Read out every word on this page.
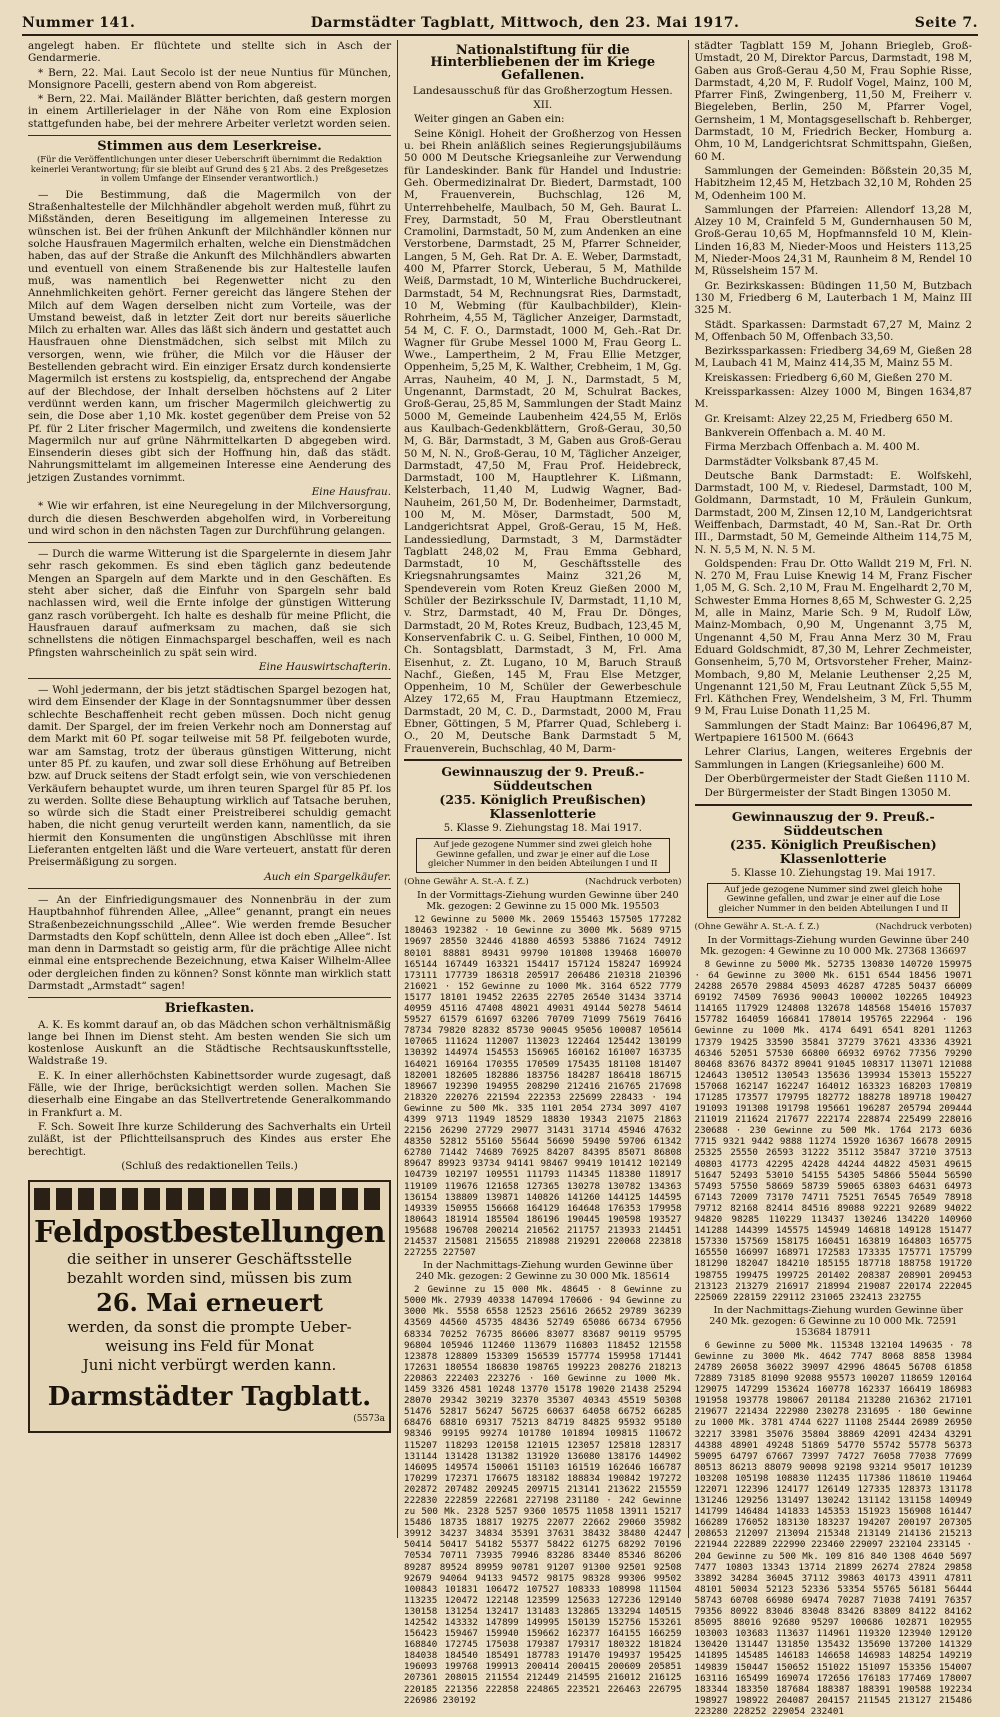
Nummer 141.	Darmstädter Tagblatt, Mittwoch, den 23. Mai 1917.	Seite 7.

angelegt haben. Er flüchtete und stellte sich in Asch der Gendarmerie.

* Bern, 22. Mai. Laut Secolo ist der neue Nuntius für München, Monsignore Pacelli, gestern abend von Rom abgereist.

* Bern, 22. Mai. Mailänder Blätter berichten, daß gestern morgen in einem Artillerielager in der Nähe von Rom eine Explosion stattgefunden habe, bei der mehrere Arbeiter verletzt worden seien.

Stimmen aus dem Leserkreise.
(Für die Veröffentlichungen unter dieser Ueberschrift übernimmt die Redaktion keinerlei Verantwortung; für sie bleibt auf Grund des § 21 Abs. 2 des Preßgesetzes in vollem Umfange der Einsender verantwortlich.)

— Die Bestimmung, daß die Magermilch von der Straßenhaltestelle der Milchhändler abgeholt werden muß, führt zu Mißständen, deren Beseitigung im allgemeinen Interesse zu wünschen ist. Bei der frühen Ankunft der Milchhändler können nur solche Hausfrauen Magermilch erhalten, welche ein Dienstmädchen haben, das auf der Straße die Ankunft des Milchhändlers abwarten und eventuell von einem Straßenende bis zur Haltestelle laufen muß, was namentlich bei Regenwetter nicht zu den Annehmlichkeiten gehört. Ferner gereicht das längere Stehen der Milch auf dem Wagen derselben nicht zum Vorteile, was der Umstand beweist, daß in letzter Zeit dort nur bereits säuerliche Milch zu erhalten war. Alles das läßt sich ändern und gestattet auch Hausfrauen ohne Dienstmädchen, sich selbst mit Milch zu versorgen, wenn, wie früher, die Milch vor die Häuser der Bestellenden gebracht wird. Ein einziger Ersatz durch kondensierte Magermilch ist erstens zu kostspielig, da, entsprechend der Angabe auf der Blechdose, der Inhalt derselben höchstens auf 2 Liter verdünnt werden kann, um frischer Magermilch gleichwertig zu sein, die Dose aber 1,10 Mk. kostet gegenüber dem Preise von 52 Pf. für 2 Liter frischer Magermilch, und zweitens die kondensierte Magermilch nur auf grüne Nährmittelkarten D abgegeben wird. Einsenderin dieses gibt sich der Hoffnung hin, daß das städt. Nahrungsmittelamt im allgemeinen Interesse eine Aenderung des jetzigen Zustandes vornimmt.

Eine Hausfrau.

* Wie wir erfahren, ist eine Neuregelung in der Milchversorgung, durch die diesen Beschwerden abgeholfen wird, in Vorbereitung und wird schon in den nächsten Tagen zur Durchführung gelangen.

— Durch die warme Witterung ist die Spargelernte in diesem Jahr sehr rasch gekommen. Es sind eben täglich ganz bedeutende Mengen an Spargeln auf dem Markte und in den Geschäften. Es steht aber sicher, daß die Einfuhr von Spargeln sehr bald nachlassen wird, weil die Ernte infolge der günstigen Witterung ganz rasch vorübergeht. Ich halte es deshalb für meine Pflicht, die Hausfrauen darauf aufmerksam zu machen, daß sie sich schnellstens die nötigen Einmachspargel beschaffen, weil es nach Pfingsten wahrscheinlich zu spät sein wird.

Eine Hauswirtschafterin.

— Wohl jedermann, der bis jetzt städtischen Spargel bezogen hat, wird dem Einsender der Klage in der Sonntagsnummer über dessen schlechte Beschaffenheit recht geben müssen. Doch nicht genug damit. Der Spargel, der im freien Verkehr noch am Donnerstag auf dem Markt mit 60 Pf. sogar teilweise mit 58 Pf. feilgeboten wurde, war am Samstag, trotz der überaus günstigen Witterung, nicht unter 85 Pf. zu kaufen, und zwar soll diese Erhöhung auf Betreiben bzw. auf Druck seitens der Stadt erfolgt sein, wie von verschiedenen Verkäufern behauptet wurde, um ihren teuren Spargel für 85 Pf. los zu werden. Sollte diese Behauptung wirklich auf Tatsache beruhen, so würde sich die Stadt einer Preistreiberei schuldig gemacht haben, die nicht genug verurteilt werden kann, namentlich, da sie hiermit den Konsumenten die ungünstigen Abschlüsse mit ihren Lieferanten entgelten läßt und die Ware verteuert, anstatt für deren Preisermäßigung zu sorgen.

Auch ein Spargelkäufer.

— An der Einfriedigungsmauer des Nonnenbräu in der zum Hauptbahnhof führenden Allee, „Allee“ genannt, prangt ein neues Straßenbezeichnungsschild „Allee“. Wie werden fremde Besucher Darmstadts den Kopf schütteln, denn Allee ist doch eben „Allee“. Ist man denn in Darmstadt so geistig arm, für die prächtige Allee nicht einmal eine entsprechende Bezeichnung, etwa Kaiser Wilhelm-Allee oder dergleichen finden zu können? Sonst könnte man wirklich statt Darmstadt „Armstadt“ sagen!

Briefkasten.

A. K. Es kommt darauf an, ob das Mädchen schon verhältnismäßig lange bei Ihnen im Dienst steht. Am besten wenden Sie sich um kostenlose Auskunft an die Städtische Rechtsauskunftsstelle, Waldstraße 19.

E. K. In einer allerhöchsten Kabinettsorder wurde zugesagt, daß Fälle, wie der Ihrige, berücksichtigt werden sollen. Machen Sie dieserhalb eine Eingabe an das Stellvertretende Generalkommando in Frankfurt a. M.

F. Sch. Soweit Ihre kurze Schilderung des Sachverhalts ein Urteil zuläßt, ist der Pflichtteilsanspruch des Kindes aus erster Ehe berechtigt.

(Schluß des redaktionellen Teils.)

Feldpostbestellungen
die seither in unserer Geschäftsstelle
bezahlt worden sind, müssen bis zum
26. Mai erneuert
werden, da sonst die prompte Ueber-
weisung ins Feld für Monat
Juni nicht verbürgt werden kann.
Darmstädter Tagblatt.
(5573a
Nationalstiftung für die Hinterbliebenen der im Kriege Gefallenen.

Landesausschuß für das Großherzogtum Hessen.

XII.

Weiter gingen an Gaben ein:

Seine Königl. Hoheit der Großherzog von Hessen u. bei Rhein anläßlich seines Regierungsjubiläums 50 000 M Deutsche Kriegsanleihe zur Verwendung für Landeskinder. Bank für Handel und Industrie: Geh. Obermedizinalrat Dr. Biedert, Darmstadt, 100 M, Frauenverein, Buchschlag, 126 M, Unterrehbehelfe, Maulbach, 50 M, Geh. Baurat L. Frey, Darmstadt, 50 M, Frau Oberstleutnant Cramolini, Darmstadt, 50 M, zum Andenken an eine Verstorbene, Darmstadt, 25 M, Pfarrer Schneider, Langen, 5 M, Geh. Rat Dr. A. E. Weber, Darmstadt, 400 M, Pfarrer Storck, Ueberau, 5 M, Mathilde Weiß, Darmstadt, 10 M, Winterliche Buchdruckerei, Darmstadt, 54 M, Rechnungsrat Ries, Darmstadt, 10 M, Webming (für Kaulbachbilder), Klein-Rohrheim, 4,55 M, Täglicher Anzeiger, Darmstadt, 54 M, C. F. O., Darmstadt, 1000 M, Geh.-Rat Dr. Wagner für Grube Messel 1000 M, Frau Georg L. Wwe., Lampertheim, 2 M, Frau Ellie Metzger, Oppenheim, 5,25 M, K. Walther, Crebheim, 1 M, Gg. Arras, Nauheim, 40 M, J. N., Darmstadt, 5 M, Ungenannt, Darmstadt, 20 M, Schulrat Backes, Groß-Gerau, 25,85 M, Sammlungen der Stadt Mainz 5000 M, Gemeinde Laubenheim 424,55 M, Erlös aus Kaulbach-Gedenkblättern, Groß-Gerau, 30,50 M, G. Bär, Darmstadt, 3 M, Gaben aus Groß-Gerau 50 M, N. N., Groß-Gerau, 10 M, Täglicher Anzeiger, Darmstadt, 47,50 M, Frau Prof. Heidebreck, Darmstadt, 100 M, Hauptlehrer K. Lißmann, Kelsterbach, 11,40 M, Ludwig Wagner, Bad-Nauheim, 261,50 M, Dr. Bodenheimer, Darmstadt, 100 M, M. Möser, Darmstadt, 500 M, Landgerichtsrat Appel, Groß-Gerau, 15 M, Heß. Landessiedlung, Darmstadt, 3 M, Darmstädter Tagblatt 248,02 M, Frau Emma Gebhard, Darmstadt, 10 M, Geschäftsstelle des Kriegsnahrungsamtes Mainz 321,26 M, Spendeverein vom Roten Kreuz Gießen 2000 M, Schüler der Bezirksschule IV, Darmstadt, 11,10 M, v. Strz, Darmstadt, 40 M, Frau Dr. Dönges, Darmstadt, 20 M, Rotes Kreuz, Budbach, 123,45 M, Konservenfabrik C. u. G. Seibel, Finthen, 10 000 M, Ch. Sontagsblatt, Darmstadt, 3 M, Frl. Ama Eisenhut, z. Zt. Lugano, 10 M, Baruch Strauß Nachf., Gießen, 145 M, Frau Else Metzger, Oppenheim, 10 M, Schüler der Gewerbeschule Alzey 172,65 M, Frau Hauptmann Etzemiecz, Darmstadt, 20 M, C. D., Darmstadt, 2000 M, Frau Ebner, Göttingen, 5 M, Pfarrer Quad, Schleberg i. O., 20 M, Deutsche Bank Darmstadt 5 M, Frauenverein, Buchschlag, 40 M, Darm-

Gewinnauszug der 9. Preuß.-Süddeutschen
(235. Königlich Preußischen) Klassenlotterie
5. Klasse 9. Ziehungstag 18. Mai 1917.
Auf jede gezogene Nummer sind zwei gleich hohe Gewinne gefallen, und zwar je einer auf die Lose gleicher Nummer in den beiden Abteilungen I und II
(Ohne Gewähr A. St.-A. f. Z.)	(Nachdruck verboten)

In der Vormittags-Ziehung wurden Gewinne über 240 Mk. gezogen: 2 Gewinne zu 15 000 Mk. 195503

12 Gewinne zu 5000 Mk. 2069 155463 157505 177282 180463 192382 · 10 Gewinne zu 3000 Mk. 5689 9715 19697 28550 32446 41880 46593 53886 71624 74912 80101 88881 89431 99790 101808 139468 160070 165144 167449 163321 154417 157124 158247 169924 173111 177739 186318 205917 206486 210318 210396 216021 · 152 Gewinne zu 1000 Mk. 3164 6522 7779 15177 18101 19452 22635 22705 26540 31434 33714 40959 45116 47408 48021 49031 49144 50278 54614 59527 61579 61697 63206 70709 71099 75619 76416 78734 79820 82832 85730 90045 95056 100087 105614 107065 111624 112007 113023 122464 125442 130199 130392 144974 154553 156965 160162 161007 163735 164021 169164 170355 170509 175435 181108 181407 182001 182605 182886 183756 184287 186418 186715 189667 192390 194955 208290 212416 216765 217698 218320 220276 221594 222353 225699 228433 · 194 Gewinne zu 500 Mk. 335 1101 2054 2734 3097 4107 4399 9713 11949 18529 18830 19343 21075 21863 22156 26290 27729 29077 31431 31714 45946 47632 48350 52812 55160 55644 56690 59490 59706 61342 62780 71442 74689 76925 84207 84395 85071 86808 89647 89923 93734 94141 98467 99419 101412 102149 104739 102197 109551 111793 114345 118380 118917 119109 119676 121658 127365 130278 130782 134363 136154 138809 139871 140826 141260 144125 144595 149339 150955 156668 164129 164648 176353 179958 180643 181914 185504 186196 190445 190598 193527 195688 196708 200214 210562 211757 213933 214451 214537 215081 215655 218988 219291 220068 223818 227255 227507

In der Nachmittags-Ziehung wurden Gewinne über 240 Mk. gezogen: 2 Gewinne zu 30 000 Mk. 185614

2 Gewinne zu 15 000 Mk. 48645 · 8 Gewinne zu 5000 Mk. 27939 40338 147094 170606 · 94 Gewinne zu 3000 Mk. 5558 6558 12523 25616 26652 29789 36239 43569 44560 45735 48436 52749 65086 66734 67956 68334 70252 76735 86606 83077 83687 90119 95795 96804 105946 112460 113679 116803 118452 121558 123878 128809 153309 156539 157774 159958 171441 172631 180554 186830 198765 199223 208276 218213 220863 222403 223276 · 160 Gewinne zu 1000 Mk. 1459 3326 4581 10248 13770 15178 19020 21438 25294 28070 29342 30219 32370 35307 40343 45519 50308 51476 52817 56247 56725 60637 64058 66752 66285 68476 68810 69317 75213 84719 84825 95932 95180 98346 99195 99274 101780 101894 109815 110672 115207 118293 120158 121015 123057 125818 128317 131144 131428 131382 131920 136080 138176 144902 146095 149574 150061 151103 161519 162646 166787 170299 172371 176675 183182 188834 190842 197272 202872 207482 209245 209715 213141 213622 215559 222830 222859 222681 227198 231180 · 242 Gewinne zu 500 Mk. 2328 5257 9360 10575 11058 13911 15217 15486 18735 18817 19275 22077 22662 29060 35982 39912 34237 34834 35391 37631 38432 38480 42447 50414 50417 54182 55377 58422 61275 68292 70196 70534 70711 73935 79946 83286 83440 85346 86206 89287 89524 89959 90781 91207 91300 92501 92508 92679 94064 94133 94572 98175 98328 99306 99502 100843 101831 106472 107527 108333 108998 111504 113235 120472 122148 123599 125633 127236 129140 130158 131254 132417 131483 132865 133294 140515 142542 143332 147899 149995 150139 152756 153261 156423 159467 159940 159662 162377 164155 166259 168840 172745 175038 179387 179317 180322 181824 184038 184540 185491 187783 191470 194937 195425 196093 199768 199913 200414 200415 200609 205851 207361 208015 211554 212449 214595 216012 216125 220185 221356 222858 224865 223521 226463 226795 226986 230192

städter Tagblatt 159 M, Johann Briegleb, Groß-Umstadt, 20 M, Direktor Parcus, Darmstadt, 198 M, Gaben aus Groß-Gerau 4,50 M, Frau Sophie Risse, Darmstadt, 4,20 M, F. Rudolf Vogel, Mainz, 100 M, Pfarrer Finß, Zwingenberg, 11,50 M, Freiherr v. Biegeleben, Berlin, 250 M, Pfarrer Vogel, Gernsheim, 1 M, Montagsgesellschaft b. Rehberger, Darmstadt, 10 M, Friedrich Becker, Homburg a. Ohm, 10 M, Landgerichtsrat Schmittspahn, Gießen, 60 M.

Sammlungen der Gemeinden: Bößstein 20,35 M, Habitzheim 12,45 M, Hetzbach 32,10 M, Rohden 25 M, Odenheim 100 M.

Sammlungen der Pfarreien: Allendorf 13,28 M, Alzey 10 M, Crainfeld 5 M, Gundernhausen 50 M, Groß-Gerau 10,65 M, Hopfmannsfeld 10 M, Klein-Linden 16,83 M, Nieder-Moos und Heisters 113,25 M, Nieder-Moos 24,31 M, Raunheim 8 M, Rendel 10 M, Rüsselsheim 157 M.

Gr. Bezirkskassen: Büdingen 11,50 M, Butzbach 130 M, Friedberg 6 M, Lauterbach 1 M, Mainz III 325 M.

Städt. Sparkassen: Darmstadt 67,27 M, Mainz 2 M, Offenbach 50 M, Offenbach 33,50.

Bezirkssparkassen: Friedberg 34,69 M, Gießen 28 M, Laubach 41 M, Mainz 414,35 M, Mainz 55 M.

Kreiskassen: Friedberg 6,60 M, Gießen 270 M.

Kreissparkassen: Alzey 1000 M, Bingen 1634,87 M.

Gr. Kreisamt: Alzey 22,25 M, Friedberg 650 M.

Bankverein Offenbach a. M. 40 M.

Firma Merzbach Offenbach a. M. 400 M.

Darmstädter Volksbank 87,45 M.

Deutsche Bank Darmstadt: E. Wolfskehl, Darmstadt, 100 M, v. Riedesel, Darmstadt, 100 M, Goldmann, Darmstadt, 10 M, Fräulein Gunkum, Darmstadt, 200 M, Zinsen 12,10 M, Landgerichtsrat Weiffenbach, Darmstadt, 40 M, San.-Rat Dr. Orth III., Darmstadt, 50 M, Gemeinde Altheim 114,75 M, N. N. 5,5 M, N. N. 5 M.

Goldspenden: Frau Dr. Otto Walldt 219 M, Frl. N. N. 270 M, Frau Luise Knewig 14 M, Franz Fischer 1,05 M, G. Sch. 2,10 M, Frau M. Engelhardt 2,70 M, Schwester Emma Hornes 8,65 M, Schwester G. 2,25 M, alle in Mainz, Marie Sch. 9 M, Rudolf Löw, Mainz-Mombach, 0,90 M, Ungenannt 3,75 M, Ungenannt 4,50 M, Frau Anna Merz 30 M, Frau Eduard Goldschmidt, 87,30 M, Lehrer Zechmeister, Gonsenheim, 5,70 M, Ortsvorsteher Freher, Mainz-Mombach, 9,80 M, Melanie Leuthenser 2,25 M, Ungenannt 121,50 M, Frau Leutnant Zück 5,55 M, Frl. Käthchen Frey, Wendelsheim, 3 M, Frl. Thumm 9 M, Frau Luise Donath 11,25 M.

Sammlungen der Stadt Mainz: Bar 106496,87 M, Wertpapiere 161500 M. (6643

Lehrer Clarius, Langen, weiteres Ergebnis der Sammlungen in Langen (Kriegsanleihe) 600 M.

Der Oberbürgermeister der Stadt Gießen 1110 M.

Der Bürgermeister der Stadt Bingen 13050 M.

Gewinnauszug der 9. Preuß.-Süddeutschen
(235. Königlich Preußischen) Klassenlotterie
5. Klasse 10. Ziehungstag 19. Mai 1917.
Auf jede gezogene Nummer sind zwei gleich hohe Gewinne gefallen, und zwar je einer auf die Lose gleicher Nummer in den beiden Abteilungen I und II
(Ohne Gewähr A. St.-A. f. Z.)	(Nachdruck verboten)

In der Vormittags-Ziehung wurden Gewinne über 240 Mk. gezogen: 4 Gewinne zu 10 000 Mk. 27368 136697

8 Gewinne zu 5000 Mk. 52735 130830 140720 159975 · 64 Gewinne zu 3000 Mk. 6151 6544 18456 19071 24288 26570 29884 45093 46287 47285 50437 66009 69192 74509 76936 90043 100002 102265 104923 114165 117929 124808 132678 148568 154016 157037 157782 164059 166841 178014 195765 222964 · 196 Gewinne zu 1000 Mk. 4174 6491 6541 8201 11263 17379 19425 33590 35841 37279 37621 43336 43921 46346 52051 57530 66800 66932 69762 77356 79290 80468 83676 84372 89041 91045 108317 113071 121088 124643 130512 130543 135636 139934 153013 155227 157068 162147 162247 164012 163323 168203 170819 171285 173577 179795 182772 188278 189718 190427 191093 191308 191798 195661 196287 205794 209444 211019 211624 217677 222174 228874 225499 228016 230688 · 230 Gewinne zu 500 Mk. 1764 2173 6036 7715 9321 9442 9888 11274 15920 16367 16678 20915 25325 25550 26593 31222 35112 35847 37210 37513 40803 41773 42295 42428 44244 44822 45031 49615 51647 52493 53010 54155 54305 54866 55044 56590 57493 57550 58669 58739 59065 63803 64631 64973 67143 72009 73170 74711 75251 76545 76549 78918 79712 82168 82414 84516 89088 92221 92689 94022 94820 98285 110229 113437 130246 134220 140960 141288 144399 145575 145949 146818 149128 151477 157330 157569 158175 160451 163819 164803 165775 165550 166997 168971 172583 173335 175771 175799 181290 182047 184210 185155 187718 188758 191720 198755 199475 199725 201402 208387 208901 209453 213123 213279 216917 218994 219087 220174 222045 225069 228159 229112 231065 232413 232755

In der Nachmittags-Ziehung wurden Gewinne über 240 Mk. gezogen: 6 Gewinne zu 10 000 Mk. 72591 153684 187911

6 Gewinne zu 5000 Mk. 115348 132104 149635 · 78 Gewinne zu 3000 Mk. 4642 7747 8068 8858 13984 24789 26058 36022 39097 42996 48645 56708 61858 72889 73185 81090 92088 95573 100207 118659 120164 129075 147299 153624 160778 162337 166419 186983 191958 193778 198067 201184 213280 216362 217101 219677 221434 222980 230278 231695 · 180 Gewinne zu 1000 Mk. 3781 4744 6227 11108 25444 26989 26950 32217 33981 35076 35804 38869 42091 42434 43291 44388 48901 49248 51869 54770 55742 55778 56373 59095 64797 67667 73997 74727 76058 77038 77699 80513 86213 88079 90098 92198 93214 95017 101239 103208 105198 108830 112435 117386 118610 119464 122071 122396 124177 126149 127335 128373 131178 131246 129256 131497 130242 131142 131158 140949 141799 146484 141833 145353 151923 156908 161447 166289 176052 183130 183237 194207 200197 207305 208653 212097 213094 215348 213149 214136 215213 221944 222889 222990 223460 229097 232104 233145 · 204 Gewinne zu 500 Mk. 109 816 840 1308 4640 5697 7477 10803 13343 13714 21899 26274 27824 29858 33892 34284 36045 37112 39863 40173 43911 47811 48101 50034 52123 52336 53354 55765 56181 56444 58743 60708 66980 69474 70287 71038 74191 76357 79356 80922 83046 83048 83426 83809 84122 84162 85095 88016 92680 95297 100686 102871 102955 103003 103683 113637 114961 119320 123940 129120 130420 131447 131850 135432 135690 137200 141329 141895 145485 146183 146658 146983 148254 149219 149839 150447 150652 151022 151097 153356 154007 163116 165499 169074 172656 176183 177469 178007 183344 183350 187684 188387 188391 190588 192234 198927 198922 204087 204157 211545 213127 215486 223280 228252 229054 232401
